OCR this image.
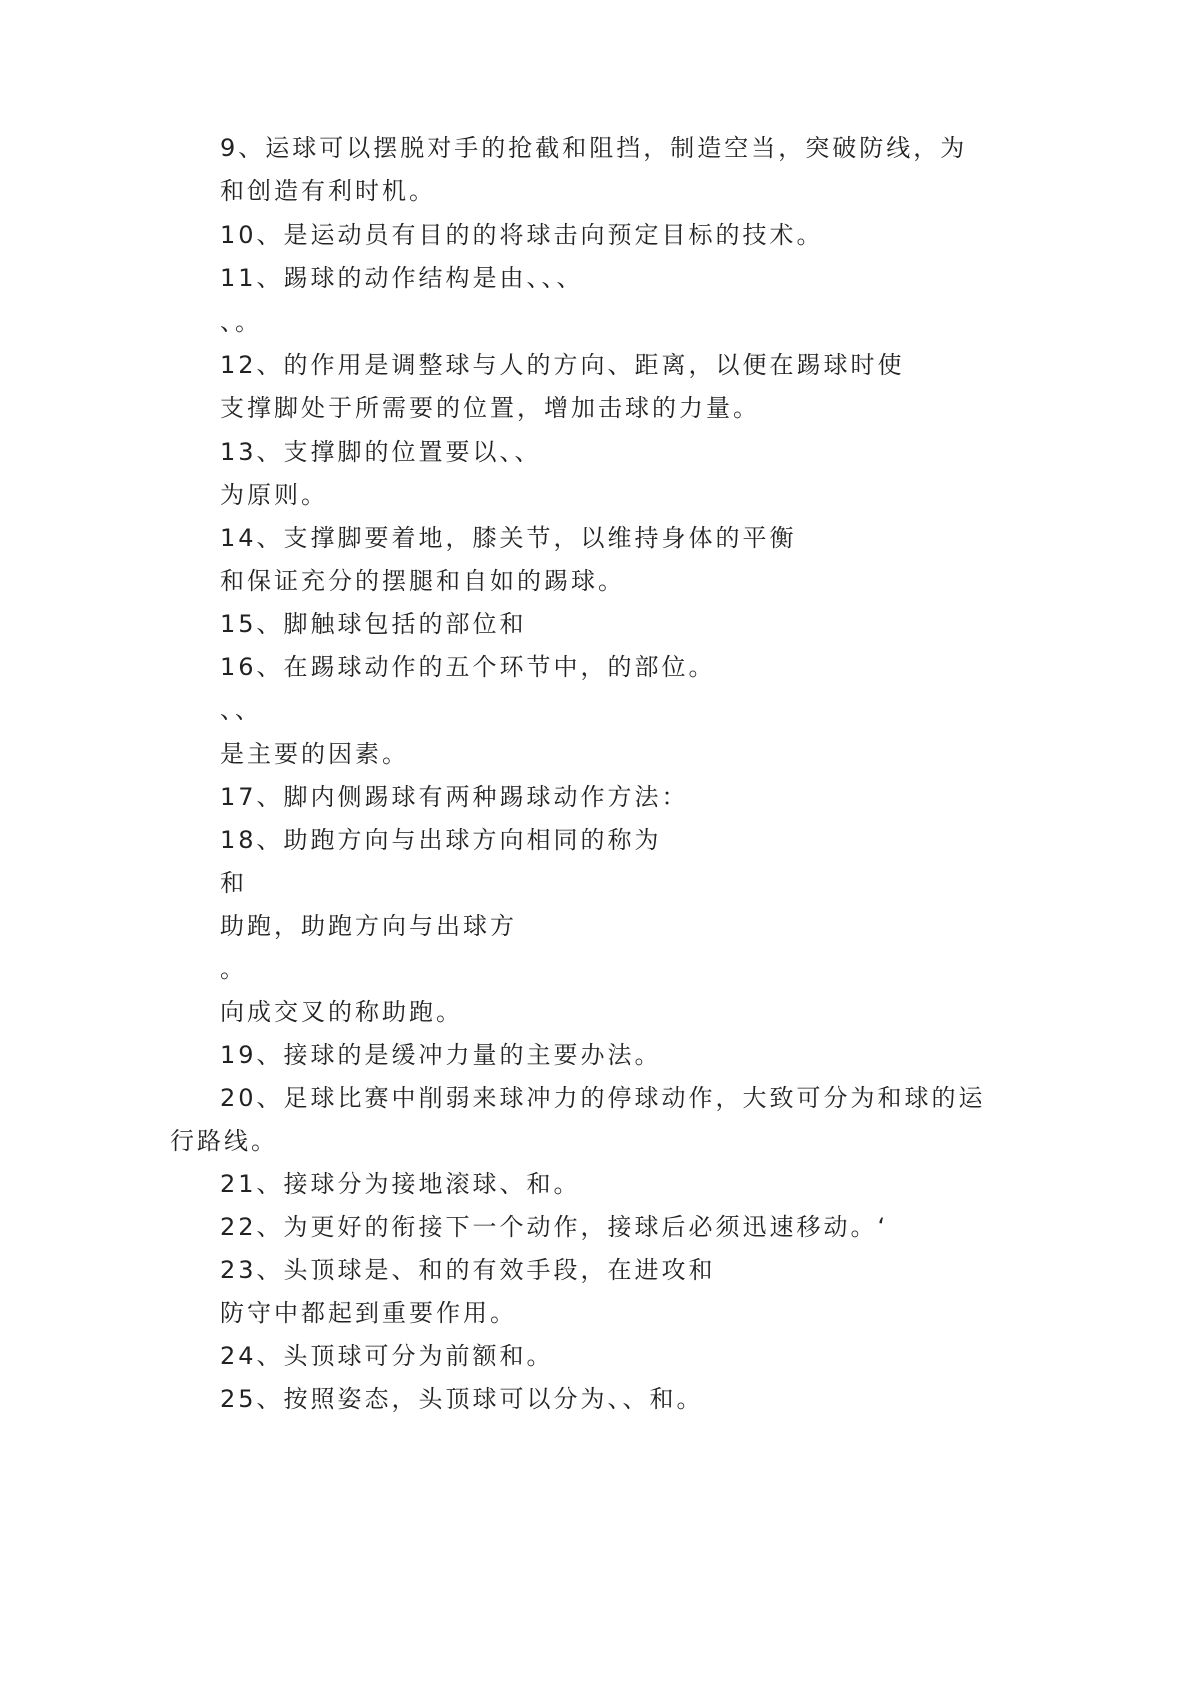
9、运球可以摆脱对手的抢截和阻挡，制造空当，突破防线，为
和创造有利时机。
10、是运动员有目的的将球击向预定目标的技术。
11、踢球的动作结构是由、、、
、。
12、的作用是调整球与人的方向、距离，以便在踢球时使
支撑脚处于所需要的位置，增加击球的力量。
13、支撑脚的位置要以、、
为原则。
14、支撑脚要着地，膝关节，以维持身体的平衡
和保证充分的摆腿和自如的踢球。
15、脚触球包括的部位和
16、在踢球动作的五个环节中，的部位。
、、
是主要的因素。
17、脚内侧踢球有两种踢球动作方法：
18、助跑方向与出球方向相同的称为
和
助跑，助跑方向与出球方
。
向成交叉的称助跑。
19、接球的是缓冲力量的主要办法。
20、足球比赛中削弱来球冲力的停球动作，大致可分为和球的运
行路线。
21、接球分为接地滚球、和。
22、为更好的衔接下一个动作，接球后必须迅速移动。‘
23、头顶球是、和的有效手段，在进攻和
防守中都起到重要作用。
24、头顶球可分为前额和。
25、按照姿态，头顶球可以分为、、和。
